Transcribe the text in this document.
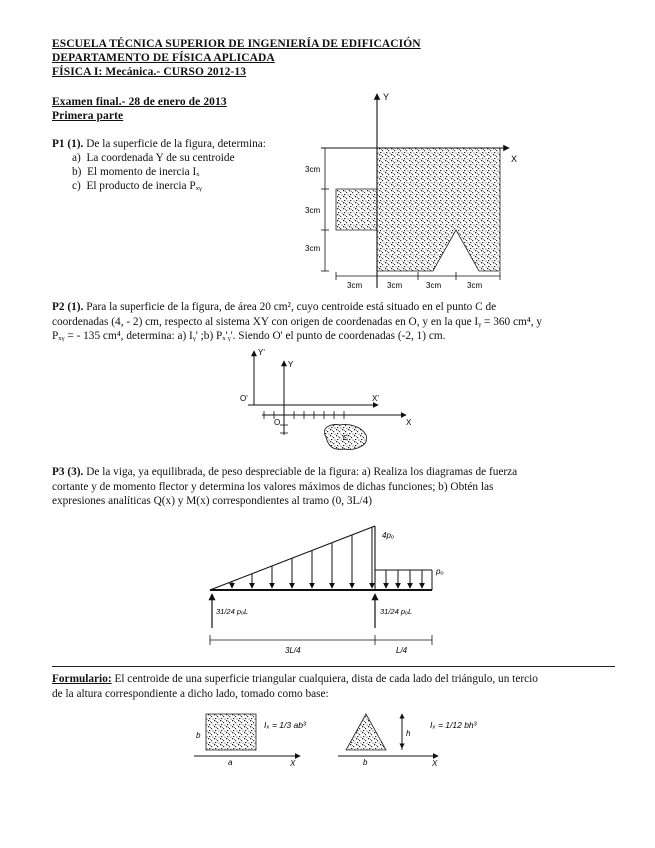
ESCUELA TÉCNICA SUPERIOR DE INGENIERÍA DE EDIFICACIÓN
DEPARTAMENTO DE FÍSICA APLICADA
FÍSICA I: Mecánica.- CURSO 2012-13
Examen final.- 28 de enero de 2013
Primera parte
P1 (1). De la superficie de la figura, determina:
a) La coordenada Y de su centroide
b) El momento de inercia Iₓ
c) El producto de inercia Pₓᵧ
Y
X
3cm
3cm
3cm
3cm	3cm	3cm	3cm
P2 (1). Para la superficie de la figura, de área 20 cm², cuyo centroide está situado en el punto C de
coordenadas (4, - 2) cm, respecto al sistema XY con origen de coordenadas en O, y en la que Iᵧ = 360 cm⁴, y
Pₓᵧ = - 135 cm⁴, determina: a) Iᵧ' ;b) Pₓ'ᵧ'. Siendo O' el punto de coordenadas (-2, 1) cm.
Y'
Y
O'	X'
O	X
C
P3 (3). De la viga, ya equilibrada, de peso despreciable de la figura: a) Realiza los diagramas de fuerza
cortante y de momento flector y determina los valores máximos de dichas funciones; b) Obtén las
expresiones analíticas Q(x) y M(x) correspondientes al tramo (0, 3L/4)
4pₒ
pₒ
31/24 pₒL	31/24 pₒL
3L/4	L/4
Formulario: El centroide de una superficie triangular cualquiera, dista de cada lado del triángulo, un tercio
de la altura correspondiente a dicho lado, tomado como base:
b
a	X
Iₓ = 1/3 ab³
h
b	X
Iₓ = 1/12 bh³
